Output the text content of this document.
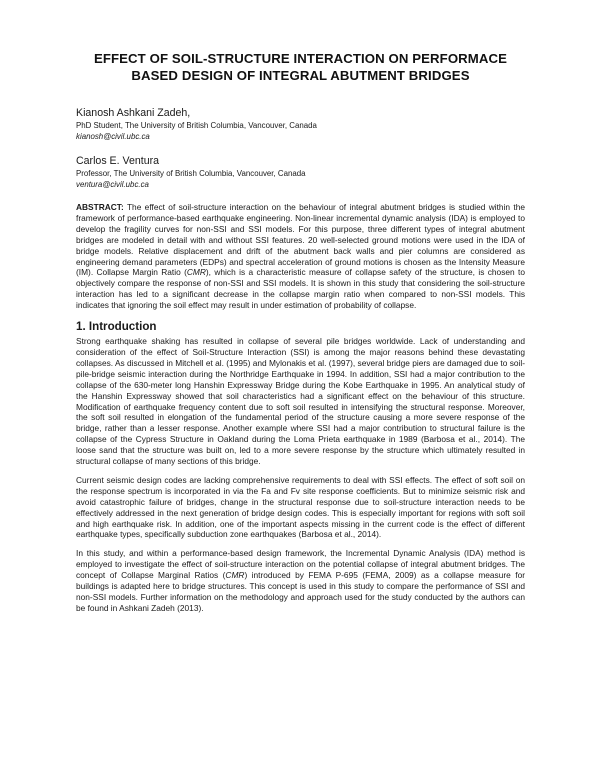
EFFECT OF SOIL-STRUCTURE INTERACTION ON PERFORMACE
BASED DESIGN OF INTEGRAL ABUTMENT BRIDGES
Kianosh Ashkani Zadeh,
PhD Student, The University of British Columbia, Vancouver, Canada
kianosh@civil.ubc.ca
Carlos E. Ventura
Professor, The University of British Columbia, Vancouver, Canada
ventura@civil.ubc.ca
ABSTRACT: The effect of soil-structure interaction on the behaviour of integral abutment bridges is studied within the framework of performance-based earthquake engineering. Non-linear incremental dynamic analysis (IDA) is employed to develop the fragility curves for non-SSI and SSI models. For this purpose, three different types of integral abutment bridges are modeled in detail with and without SSI features. 20 well-selected ground motions were used in the IDA of bridge models. Relative displacement and drift of the abutment back walls and pier columns are considered as engineering demand parameters (EDPs) and spectral acceleration of ground motions is chosen as the Intensity Measure (IM). Collapse Margin Ratio (CMR), which is a characteristic measure of collapse safety of the structure, is chosen to objectively compare the response of non-SSI and SSI models. It is shown in this study that considering the soil-structure interaction has led to a significant decrease in the collapse margin ratio when compared to non-SSI models. This indicates that ignoring the soil effect may result in under estimation of probability of collapse.
1. Introduction

Strong earthquake shaking has resulted in collapse of several pile bridges worldwide. Lack of understanding and consideration of the effect of Soil-Structure Interaction (SSI) is among the major reasons behind these devastating collapses. As discussed in Mitchell et al. (1995) and Mylonakis et al. (1997), several bridge piers are damaged due to soil-pile-bridge seismic interaction during the Northridge Earthquake in 1994. In addition, SSI had a major contribution to the collapse of the 630-meter long Hanshin Expressway Bridge during the Kobe Earthquake in 1995. An analytical study of the Hanshin Expressway showed that soil characteristics had a significant effect on the behaviour of this structure. Modification of earthquake frequency content due to soft soil resulted in intensifying the structural response. Moreover, the soft soil resulted in elongation of the fundamental period of the structure causing a more severe response of the bridge, rather than a lesser response. Another example where SSI had a major contribution to structural failure is the collapse of the Cypress Structure in Oakland during the Loma Prieta earthquake in 1989 (Barbosa et al., 2014). The loose sand that the structure was built on, led to a more severe response by the structure which ultimately resulted in structural collapse of many sections of this bridge.

Current seismic design codes are lacking comprehensive requirements to deal with SSI effects. The effect of soft soil on the response spectrum is incorporated in via the Fa and Fv site response coefficients. But to minimize seismic risk and avoid catastrophic failure of bridges, change in the structural response due to soil-structure interaction needs to be effectively addressed in the next generation of bridge design codes. This is especially important for regions with soft soil and high earthquake risk. In addition, one of the important aspects missing in the current code is the effect of different earthquake types, specifically subduction zone earthquakes (Barbosa et al., 2014).

In this study, and within a performance-based design framework, the Incremental Dynamic Analysis (IDA) method is employed to investigate the effect of soil-structure interaction on the potential collapse of integral abutment bridges. The concept of Collapse Marginal Ratios (CMR) introduced by FEMA P-695 (FEMA, 2009) as a collapse measure for buildings is adapted here to bridge structures. This concept is used in this study to compare the performance of SSI and non-SSI models. Further information on the methodology and approach used for the study conducted by the authors can be found in Ashkani Zadeh (2013).
